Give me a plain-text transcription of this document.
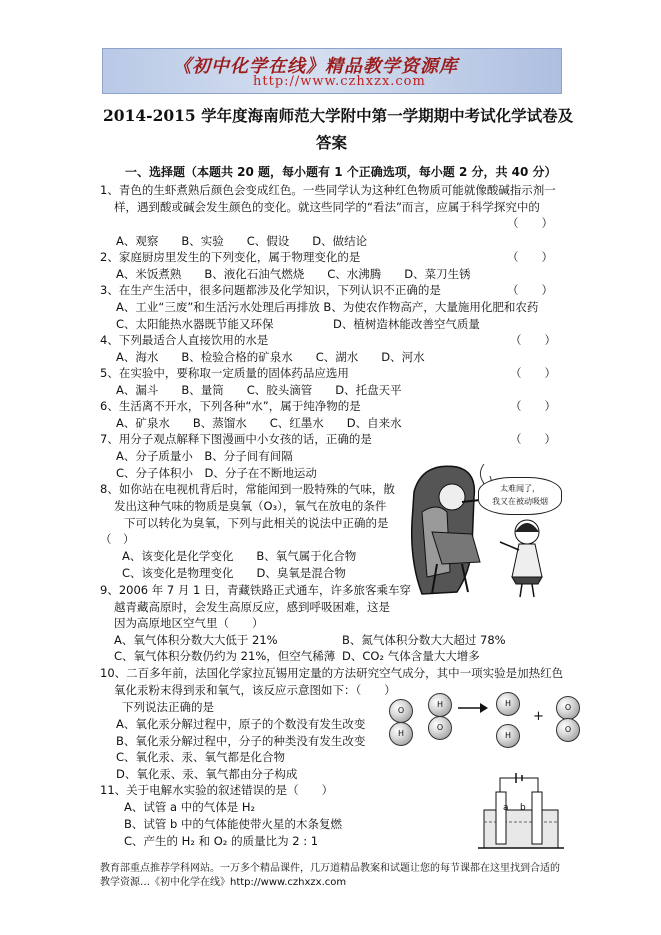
《初中化学在线》精品教学资源库
http://www.czhxzx.com
2014-2015 学年度海南师范大学附中第一学期期中考试化学试卷及
答案
一、选择题（本题共 20 题，每小题有 1 个正确选项，每小题 2 分，共 40 分）
1、青色的生虾煮熟后颜色会变成红色。一些同学认为这种红色物质可能就像酸碱指示剂一
样，遇到酸或碱会发生颜色的变化。就这些同学的“看法”而言，应属于科学探究中的
（　　）
A、观察　　B、实验　　C、假设　　D、做结论
2、家庭厨房里发生的下列变化，属于物理变化的是	（　　）
A、米饭煮熟　　B、液化石油气燃烧　　C、水沸腾　　D、菜刀生锈
3、在生产生活中，很多问题都涉及化学知识，下列认识不正确的是	（　　）
A、工业“三废”和生活污水处理后再排放 B、为使农作物高产，大量施用化肥和农药
C、太阳能热水器既节能又环保	D、植树造林能改善空气质量
4、下列最适合人直接饮用的水是	（　　）
A、海水　　B、检验合格的矿泉水　　C、湖水　　D、河水
5、在实验中，要称取一定质量的固体药品应选用	（　　）
A、漏斗　　B、量筒　　C、胶头滴管　　D、托盘天平
6、生活离不开水，下列各种“水”，属于纯净物的是	（　　）
A、矿泉水　　B、蒸馏水　　C、红墨水　　D、自来水
7、用分子观点解释下图漫画中小女孩的话，正确的是	（　　）
A、分子质量小　B、分子间有间隔
C、分子体积小　D、分子在不断地运动
太难闻了，
我又在被动吸烟
8、如你站在电视机背后时，常能闻到一股特殊的气味，散
发出这种气味的物质是臭氧（O₃），氧气在放电的条件
下可以转化为臭氧，下列与此相关的说法中正确的是
（　）
A、该变化是化学变化　　B、氧气属于化合物
C、该变化是物理变化　　D、臭氧是混合物
9、2006 年 7 月 1 日，青藏铁路正式通车，许多旅客乘车穿
越青藏高原时，会发生高原反应，感到呼吸困难，这是
因为高原地区空气里（　　）
A、氧气体积分数大大低于 21%	B、氮气体积分数大大超过 78%
C、氧气体积分数仍约为 21%，但空气稀薄 D、CO₂ 气体含量大大增多
10、二百多年前，法国化学家拉瓦锡用定量的方法研究空气成分，其中一项实验是加热红色
氧化汞粉末得到汞和氧气，该反应示意图如下：（　　）
下列说法正确的是
A、氧化汞分解过程中，原子的个数没有发生改变
B、氧化汞分解过程中，分子的种类没有发生改变
C、氧化汞、汞、氧气都是化合物
D、氧化汞、汞、氧气都由分子构成
O
H
H
O
→	H
H
+
O
O
11、关于电解水实验的叙述错误的是（　　）
A、试管 a 中的气体是 H₂
B、试管 b 中的气体能使带火星的木条复燃
C、产生的 H₂ 和 O₂ 的质量比为 2 : 1
a b
教育部重点推荐学科网站。一万多个精品课件，几万道精品教案和试题让您的每节课都在这里找到合适的
教学资源…《初中化学在线》http://www.czhxzx.com
